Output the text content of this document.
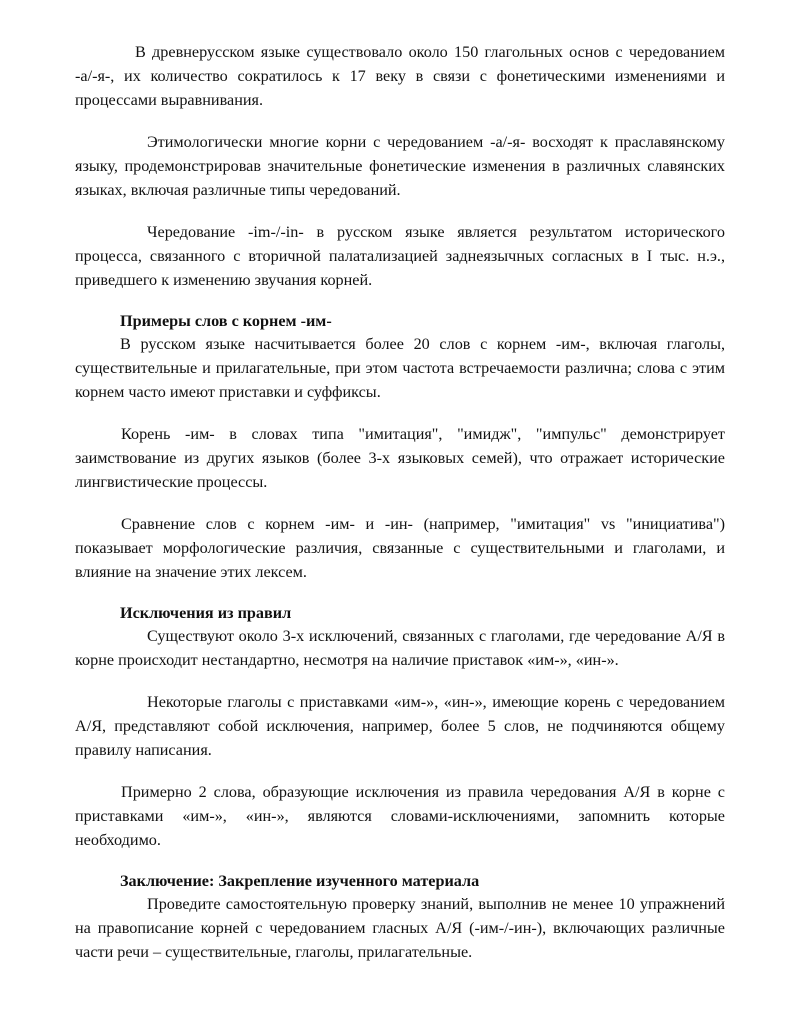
В древнерусском языке существовало около 150 глагольных основ с чередованием -а/-я-, их количество сократилось к 17 веку в связи с фонетическими изменениями и процессами выравнивания.

Этимологически многие корни с чередованием -а/-я- восходят к праславянскому языку, продемонстрировав значительные фонетические изменения в различных славянских языках, включая различные типы чередований.

Чередование -im-/-in- в русском языке является результатом исторического процесса, связанного с вторичной палатализацией заднеязычных согласных в I тыс. н.э., приведшего к изменению звучания корней.

Примеры слов с корнем -им-

В русском языке насчитывается более 20 слов с корнем -им-, включая глаголы, существительные и прилагательные, при этом частота встречаемости различна; слова с этим корнем часто имеют приставки и суффиксы.

Корень -им- в словах типа "имитация", "имидж", "импульс" демонстрирует заимствование из других языков (более 3-х языковых семей), что отражает исторические лингвистические процессы.

Сравнение слов с корнем -им- и -ин- (например, "имитация" vs "инициатива") показывает морфологические различия, связанные с существительными и глаголами, и влияние на значение этих лексем.

Исключения из правил

Существуют около 3-х исключений, связанных с глаголами, где чередование А/Я в корне происходит нестандартно, несмотря на наличие приставок «им-», «ин-».

Некоторые глаголы с приставками «им-», «ин-», имеющие корень с чередованием А/Я, представляют собой исключения, например, более 5 слов, не подчиняются общему правилу написания.

Примерно 2 слова, образующие исключения из правила чередования А/Я в корне с приставками «им-», «ин-», являются словами-исключениями, запомнить которые необходимо.

Заключение: Закрепление изученного материала

Проведите самостоятельную проверку знаний, выполнив не менее 10 упражнений на правописание корней с чередованием гласных А/Я (-им-/-ин-), включающих различные части речи – существительные, глаголы, прилагательные.
